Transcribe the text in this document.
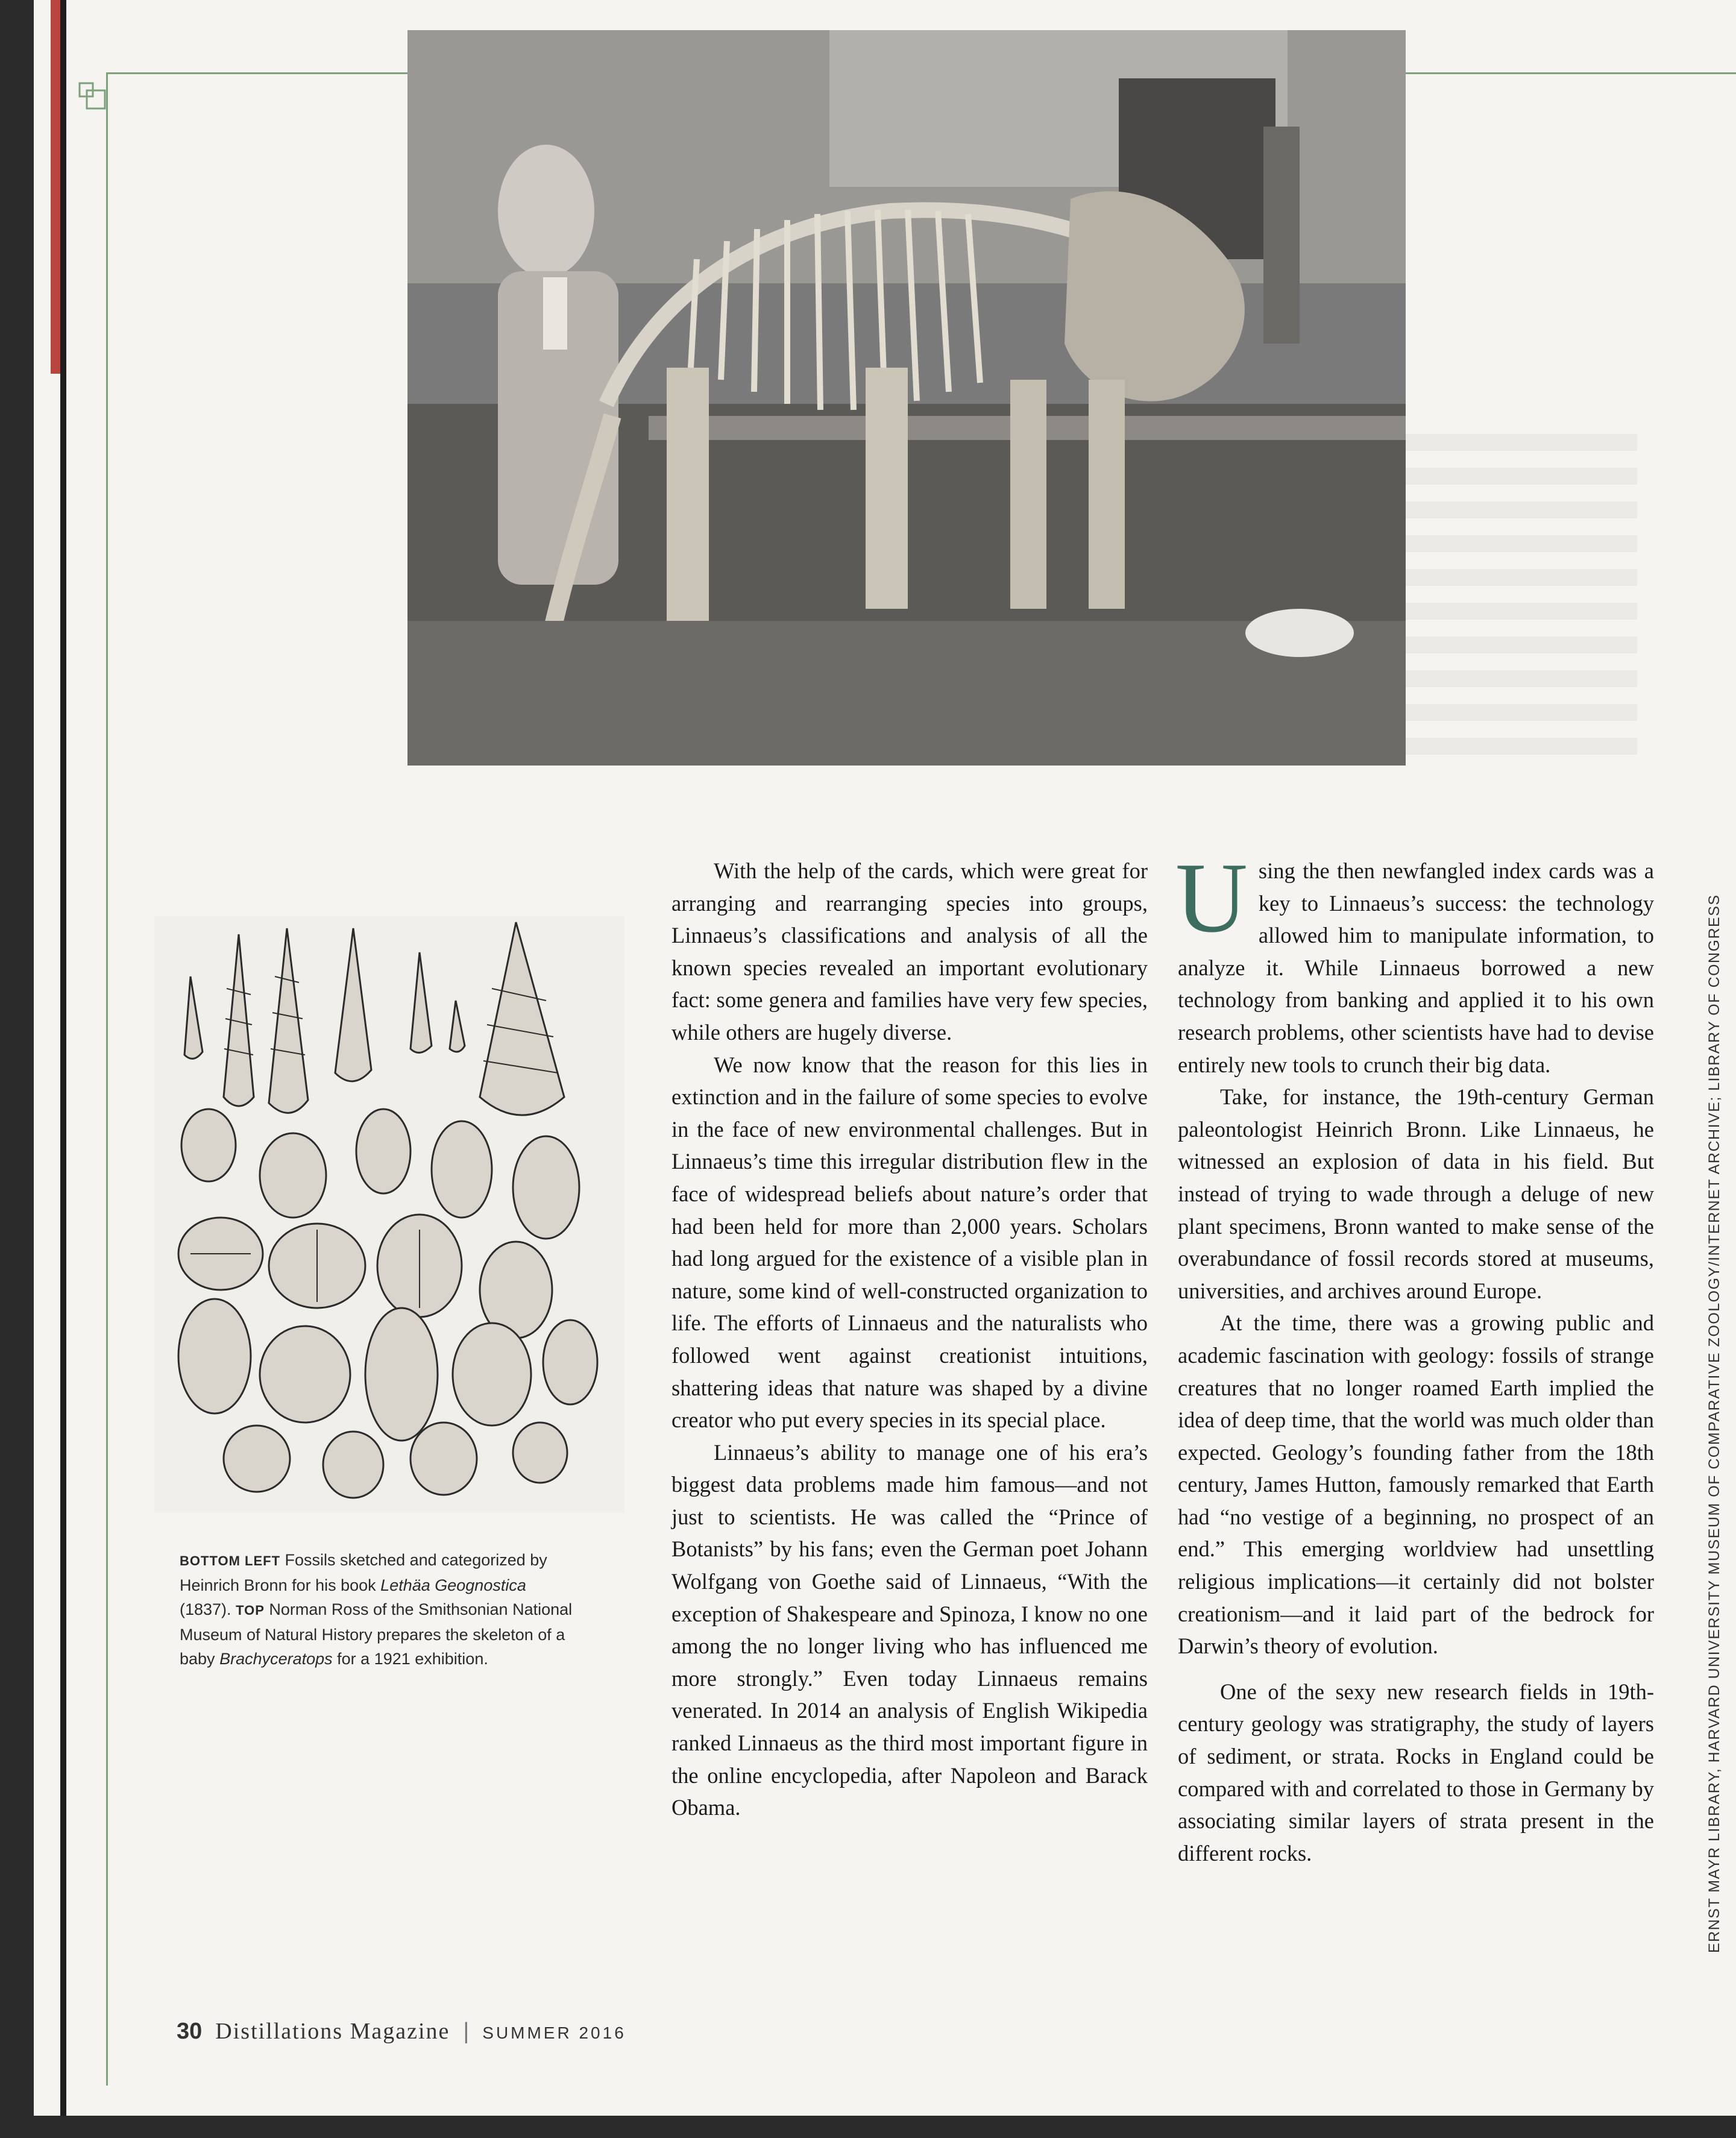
BOTTOM LEFT Fossils sketched and categorized by Heinrich Bronn for his book Lethäa Geognostica (1837). TOP Norman Ross of the Smithsonian National Museum of Natural History prepares the skeleton of a baby Brachyceratops for a 1921 exhibition.

With the help of the cards, which were great for arranging and rearranging species into groups, Linnaeus’s classifications and analysis of all the known species revealed an important evolutionary fact: some genera and families have very few species, while others are hugely diverse.

We now know that the reason for this lies in extinction and in the failure of some species to evolve in the face of new environmental challenges. But in Linnaeus’s time this irregular distribution flew in the face of widespread beliefs about nature’s order that had been held for more than 2,000 years. Scholars had long argued for the existence of a visible plan in nature, some kind of well-constructed organization to life. The efforts of Linnaeus and the naturalists who followed went against creationist intuitions, shattering ideas that nature was shaped by a divine creator who put every species in its special place.

Linnaeus’s ability to manage one of his era’s biggest data problems made him famous—and not just to scientists. He was called the “Prince of Botanists” by his fans; even the German poet Johann Wolfgang von Goethe said of Linnaeus, “With the exception of Shakespeare and Spinoza, I know no one among the no longer living who has influenced me more strongly.” Even today Linnaeus remains venerated. In 2014 an analysis of English Wikipedia ranked Linnaeus as the third most important figure in the online encyclopedia, after Napoleon and Barack Obama.

Using the then newfangled index cards was a key to Linnaeus’s success: the technology allowed him to manipulate information, to analyze it. While Linnaeus borrowed a new technology from banking and applied it to his own research problems, other scientists have had to devise entirely new tools to crunch their big data.

Take, for instance, the 19th-century German paleontologist Heinrich Bronn. Like Linnaeus, he witnessed an explosion of data in his field. But instead of trying to wade through a deluge of new plant specimens, Bronn wanted to make sense of the overabundance of fossil records stored at museums, universities, and archives around Europe.

At the time, there was a growing public and academic fascination with geology: fossils of strange creatures that no longer roamed Earth implied the idea of deep time, that the world was much older than expected. Geology’s founding father from the 18th century, James Hutton, famously remarked that Earth had “no vestige of a beginning, no prospect of an end.” This emerging worldview had unsettling religious implications—it certainly did not bolster creationism—and it laid part of the bedrock for Darwin’s theory of evolution.

One of the sexy new research fields in 19th-century geology was stratigraphy, the study of layers of sediment, or strata. Rocks in England could be compared with and correlated to those in Germany by associating similar layers of strata present in the different rocks.

30 Distillations Magazine | SUMMER 2016
ERNST MAYR LIBRARY, HARVARD UNIVERSITY MUSEUM OF COMPARATIVE ZOOLOGY/INTERNET ARCHIVE; LIBRARY OF CONGRESS
